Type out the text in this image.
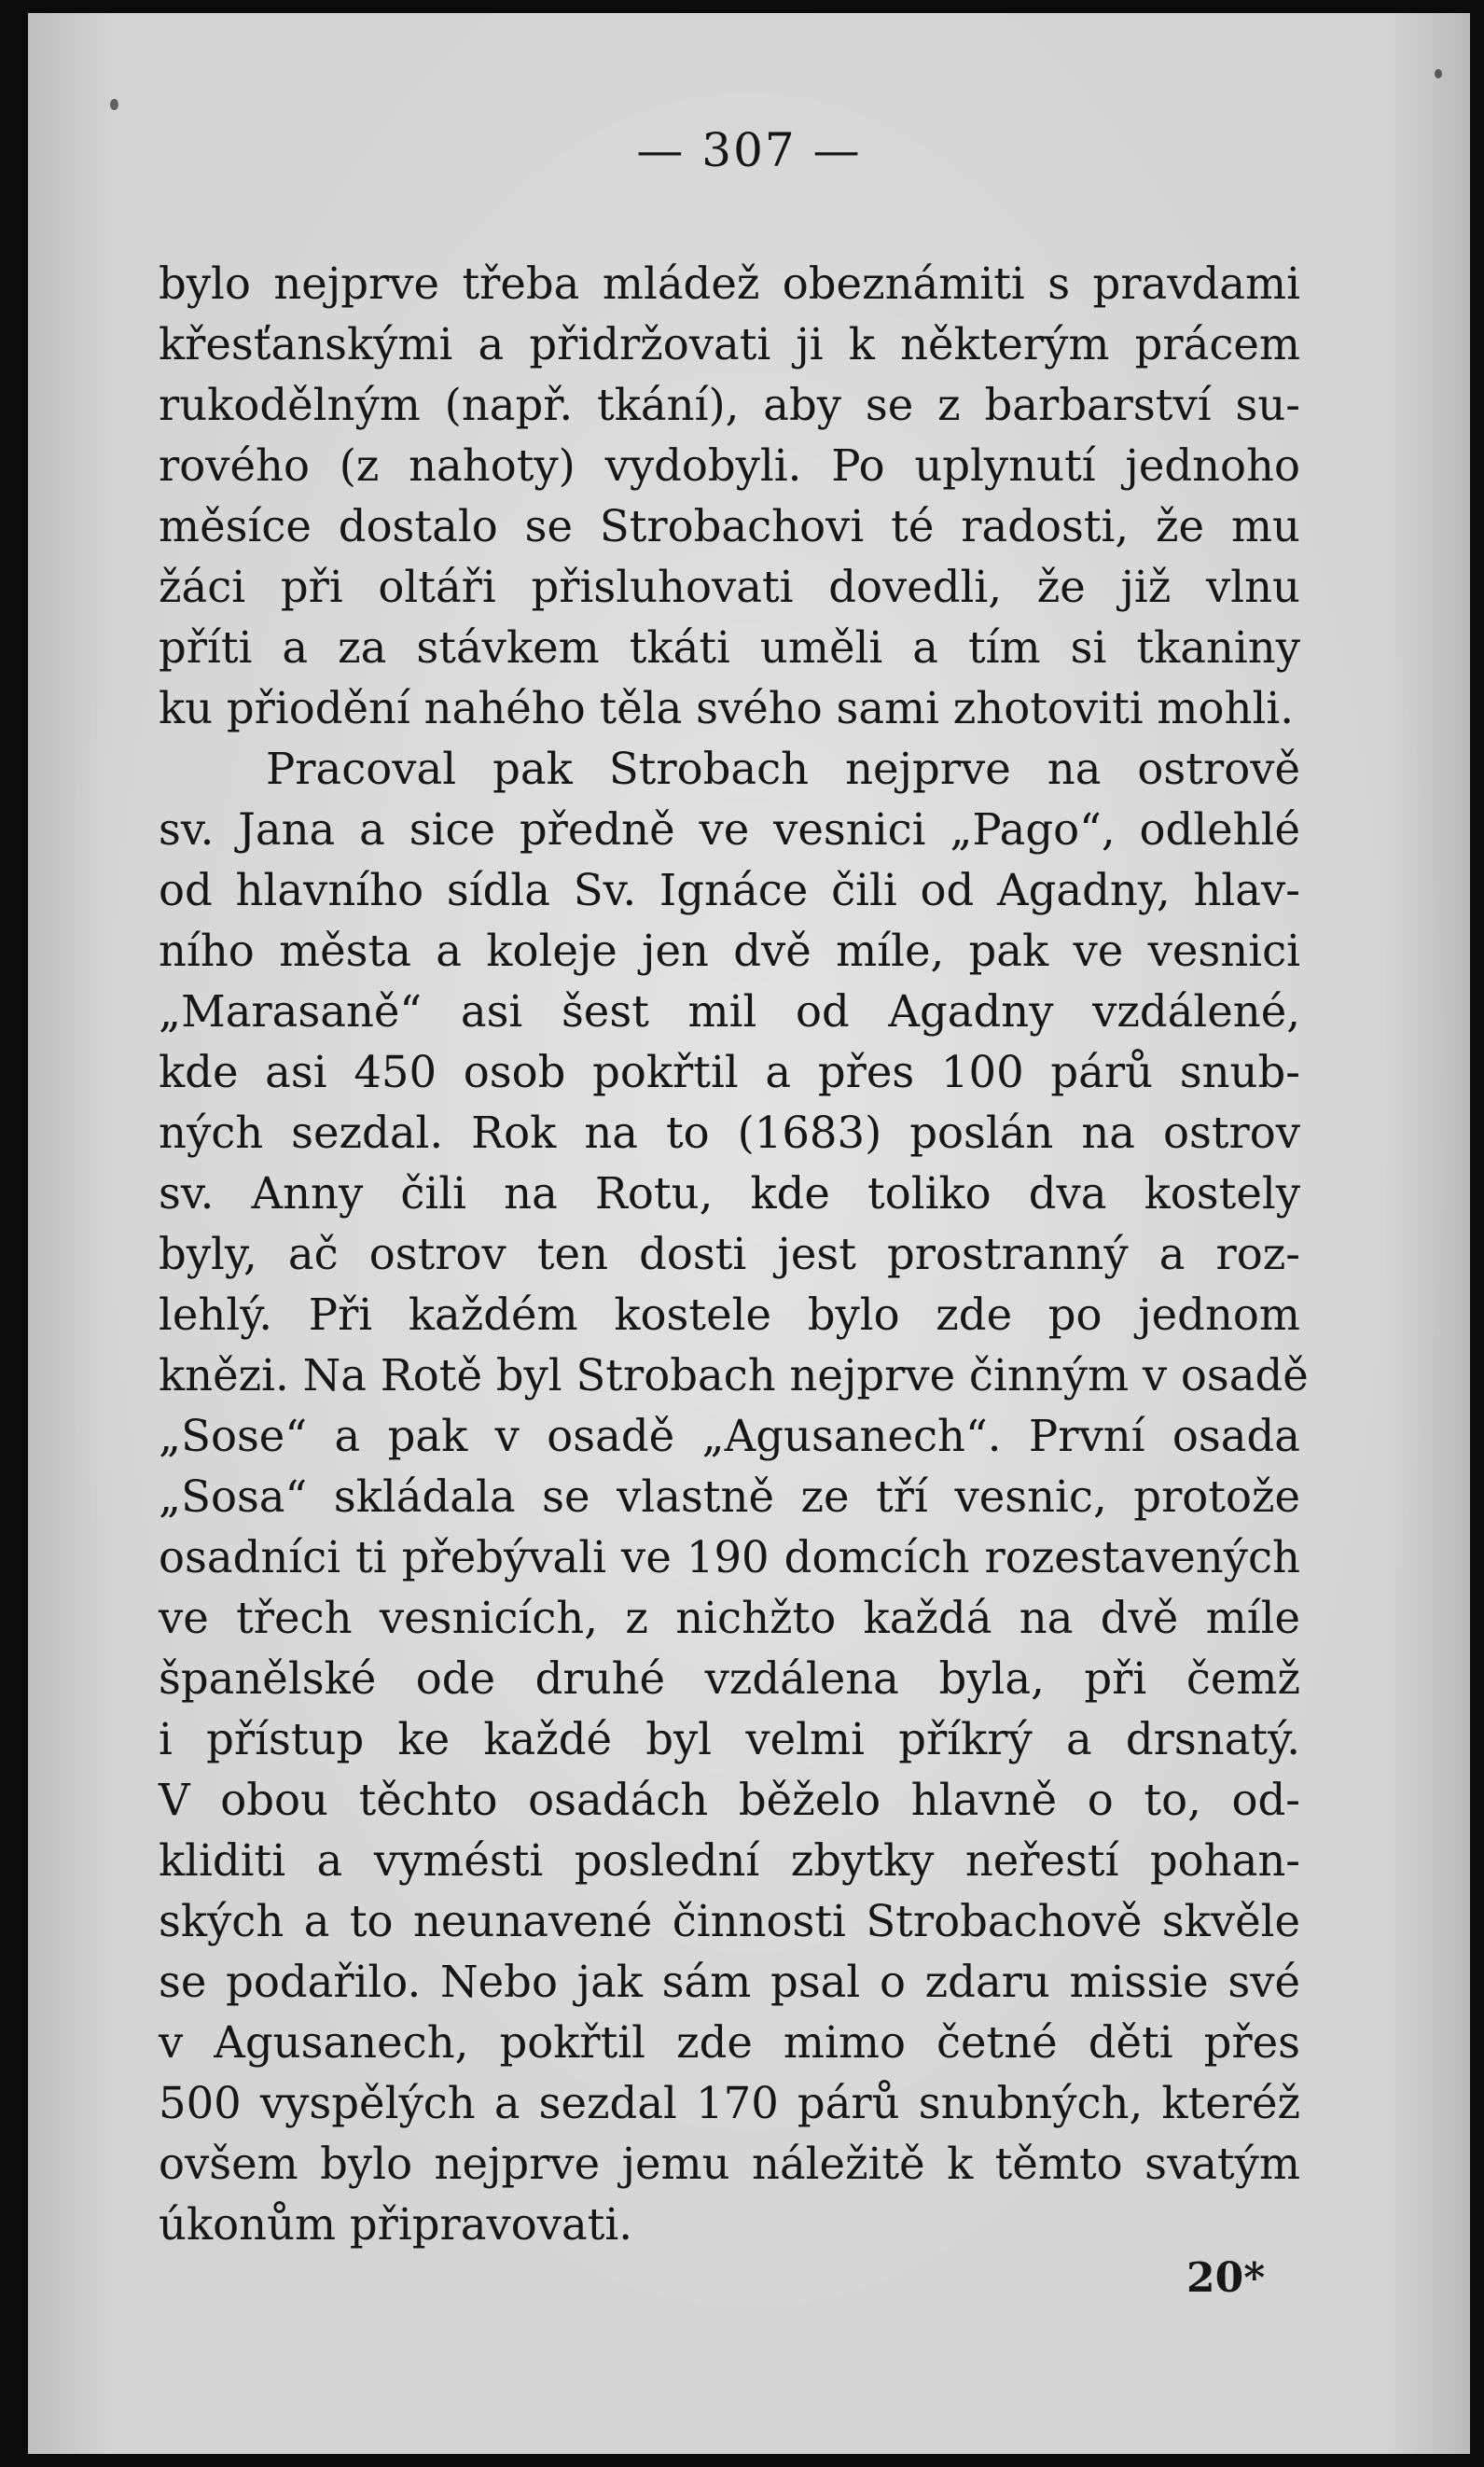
— 307 —
bylo nejprve třeba mládež obeznámiti s pravdami
křesťanskými a přidržovati ji k některým prácem
rukodělným (např. tkání), aby se z barbarství su-
rového (z nahoty) vydobyli. Po uplynutí jednoho
měsíce dostalo se Strobachovi té radosti, že mu
žáci při oltáři přisluhovati dovedli, že již vlnu
příti a za stávkem tkáti uměli a tím si tkaniny
ku přiodění nahého těla svého sami zhotoviti mohli.
Pracoval pak Strobach nejprve na ostrově
sv. Jana a sice předně ve vesnici „Pago“, odlehlé
od hlavního sídla Sv. Ignáce čili od Agadny, hlav-
ního města a koleje jen dvě míle, pak ve vesnici
„Marasaně“ asi šest mil od Agadny vzdálené,
kde asi 450 osob pokřtil a přes 100 párů snub-
ných sezdal. Rok na to (1683) poslán na ostrov
sv. Anny čili na Rotu, kde toliko dva kostely
byly, ač ostrov ten dosti jest prostranný a roz-
lehlý. Při každém kostele bylo zde po jednom
knězi. Na Rotě byl Strobach nejprve činným v osadě
„Sose“ a pak v osadě „Agusanech“. První osada
„Sosa“ skládala se vlastně ze tří vesnic, protože
osadníci ti přebývali ve 190 domcích rozestavených
ve třech vesnicích, z nichžto každá na dvě míle
španělské ode druhé vzdálena byla, při čemž
i přístup ke každé byl velmi příkrý a drsnatý.
V obou těchto osadách běželo hlavně o to, od-
kliditi a vymésti poslední zbytky neřestí pohan-
ských a to neunavené činnosti Strobachově skvěle
se podařilo. Nebo jak sám psal o zdaru missie své
v Agusanech, pokřtil zde mimo četné děti přes
500 vyspělých a sezdal 170 párů snubných, kteréž
ovšem bylo nejprve jemu náležitě k těmto svatým
úkonům připravovati.
20*
